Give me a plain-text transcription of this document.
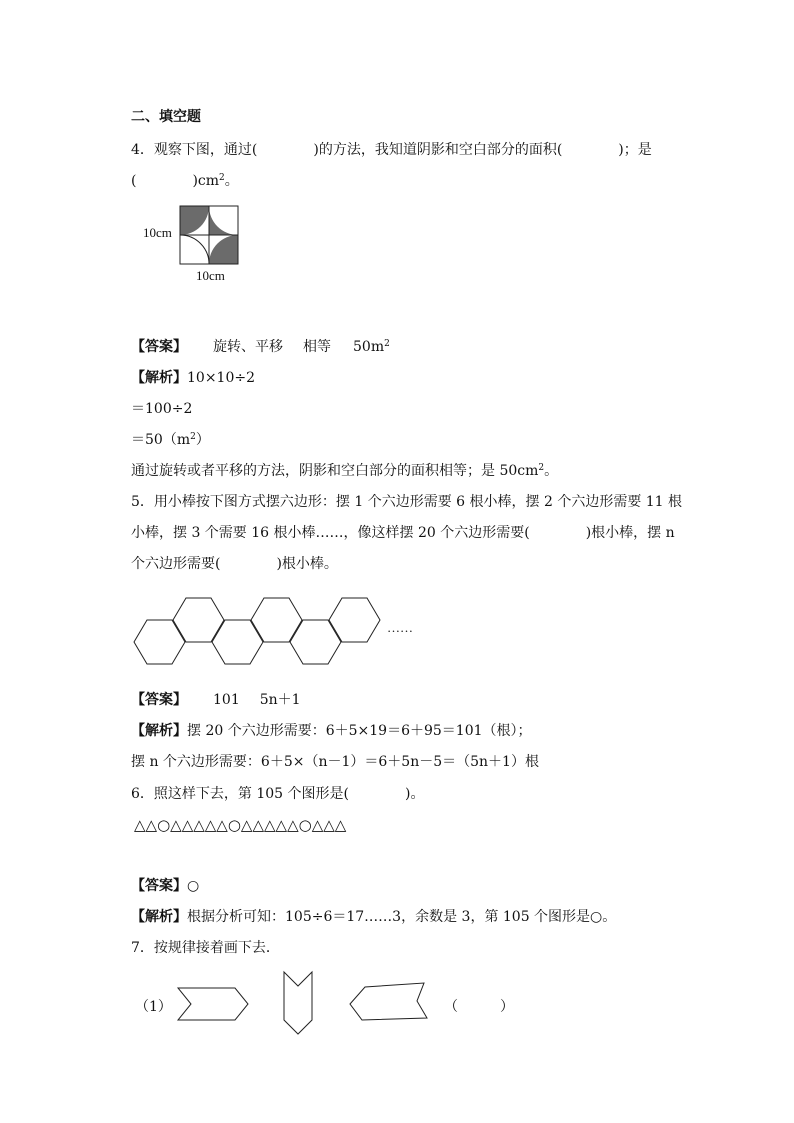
二、填空题
4．观察下图，通过(　　　　)的方法，我知道阴影和空白部分的面积(　　　　)；是
(　　　　)$cm^2$。
10cm
10cm
【答案】 旋转、平移 相等 $50m^2$
【解析】10×10÷2
＝100÷2
$=50(m^2)$
通过旋转或者平移的方法，阴影和空白部分的面积相等；是 $50cm^2$。
5．用小棒按下图方式摆六边形：摆 1 个六边形需要 6 根小棒，摆 2 个六边形需要 11 根
小棒，摆 3 个需要 16 根小棒……，像这样摆 20 个六边形需要(　　　　)根小棒，摆 n
个六边形需要(　　　　)根小棒。
……
【答案】 101 5n＋1
【解析】摆 20 个六边形需要：6＋5×19＝6＋95＝101（根）；
摆 n 个六边形需要：6＋5×（n－1）＝6＋5n－5＝（5n＋1）根
6．照这样下去，第 105 个图形是(　　　　)。
△△○△△△△△○△△△△△○△△△
【答案】○
【解析】根据分析可知：105÷6＝17……3，余数是 3，第 105 个图形是○。
7．按规律接着画下去．
（1）	（　　　）
